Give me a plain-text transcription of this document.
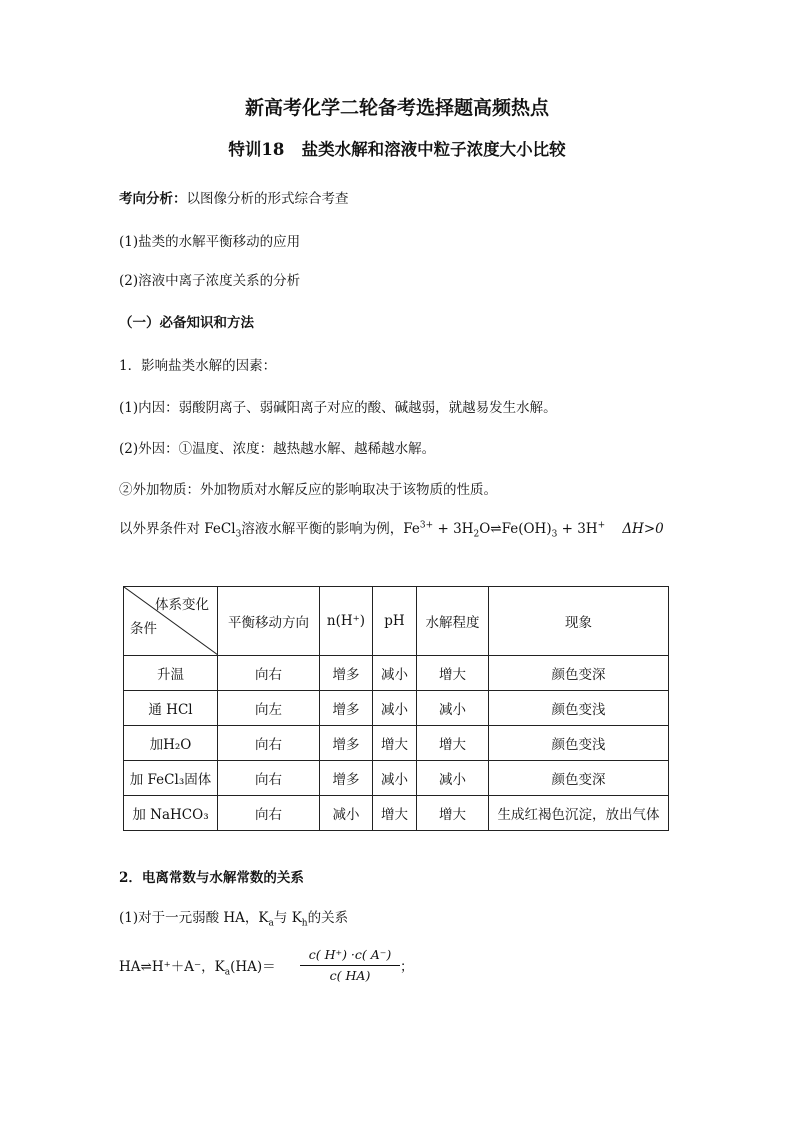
新高考化学二轮备考选择题高频热点
特训18 盐类水解和溶液中粒子浓度大小比较
考向分析：以图像分析的形式综合考查
(1)盐类的水解平衡移动的应用
(2)溶液中离子浓度关系的分析
（一）必备知识和方法
1．影响盐类水解的因素：
(1)内因：弱酸阴离子、弱碱阳离子对应的酸、碱越弱，就越易发生水解。
(2)外因：①温度、浓度：越热越水解、越稀越水解。
②外加物质：外加物质对水解反应的影响取决于该物质的性质。
以外界条件对 FeCl$_3$溶液水解平衡的影响为例，$Fe^{3+}$ + $3H_2O\rightleftharpoons Fe(OH)_3 + 3H^+$ ΔH>0
体系变化
条件	平衡移动方向	n(H⁺)	pH	水解程度	现象
升温	向右	增多	减小	增大	颜色变深
通 HCl	向左	增多	减小	减小	颜色变浅
加H₂O	向右	增多	增大	增大	颜色变浅
加 FeCl₃固体	向右	增多	减小	减小	颜色变深
加 NaHCO₃	向右	减小	增大	增大	生成红褐色沉淀，放出气体
2．电离常数与水解常数的关系
(1)对于一元弱酸 HA，$K_a$与 $K_h$的关系
HA⇌H⁺＋A⁻，$K_a(HA)=$
c( H⁺) ·c( A⁻)
c( HA)
；
